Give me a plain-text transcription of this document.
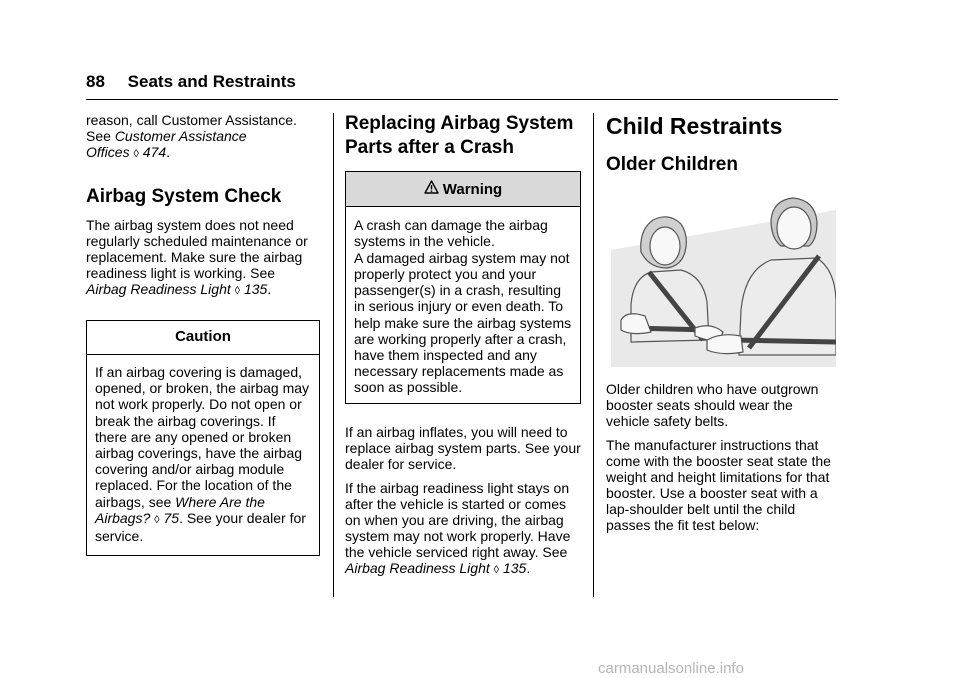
88 Seats and Restraints

reason, call Customer Assistance.

See Customer Assistance
Offices ◊ 474.

Airbag System Check

The airbag system does not need regularly scheduled maintenance or replacement. Make sure the airbag readiness light is working. See
Airbag Readiness Light ◊ 135.

Caution
If an airbag covering is damaged, opened, or broken, the airbag may not work properly. Do not open or break the airbag coverings. If there are any opened or broken airbag coverings, have the airbag covering and/or airbag module replaced. For the location of the airbags, see Where Are the Airbags? ◊ 75. See your dealer for service.
Replacing Airbag System Parts after a Crash
Warning
A crash can damage the airbag systems in the vehicle.
A damaged airbag system may not properly protect you and your passenger(s) in a crash, resulting in serious injury or even death. To help make sure the airbag systems are working properly after a crash, have them inspected and any necessary replacements made as soon as possible.

If an airbag inflates, you will need to replace airbag system parts. See your dealer for service.

If the airbag readiness light stays on after the vehicle is started or comes on when you are driving, the airbag system may not work properly. Have the vehicle serviced right away. See
Airbag Readiness Light ◊ 135.

Child Restraints
Older Children

Older children who have outgrown booster seats should wear the vehicle safety belts.

The manufacturer instructions that come with the booster seat state the weight and height limitations for that booster. Use a booster seat with a lap-shoulder belt until the child passes the fit test below:

carmanualsonline.info
